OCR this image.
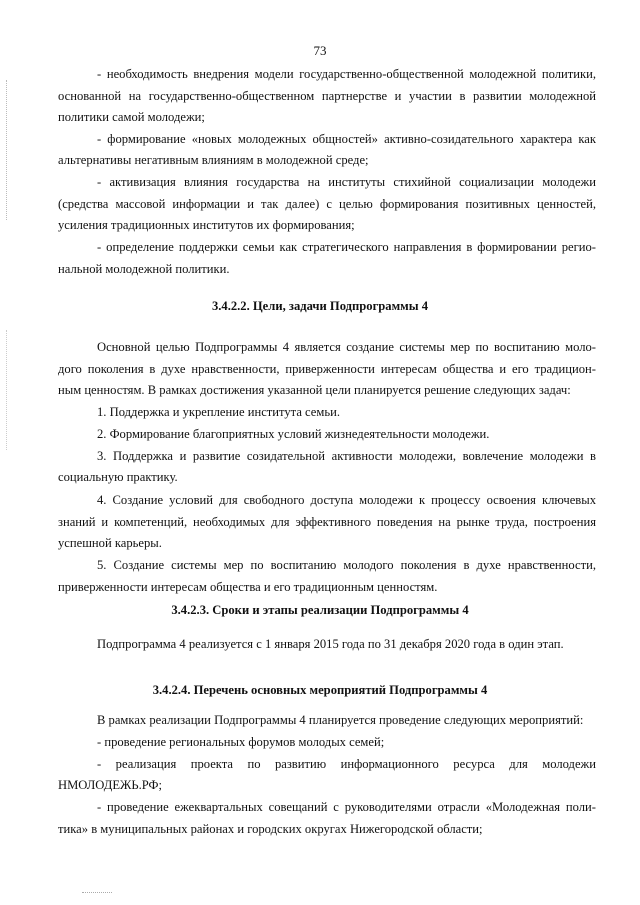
73
- необходимость внедрения модели государственно-общественной молодежной политики,
основанной на государственно-общественном партнерстве и участии в развитии молодежной
политики самой молодежи;
- формирование «новых молодежных общностей» активно-созидательного характера как
альтернативы негативным влияниям в молодежной среде;
- активизация влияния государства на институты стихийной социализации молодежи
(средства массовой информации и так далее) с целью формирования позитивных ценностей,
усиления традиционных институтов их формирования;
- определение поддержки семьи как стратегического направления в формировании регио-
нальной молодежной политики.
3.4.2.2. Цели, задачи Подпрограммы 4
Основной целью Подпрограммы 4 является создание системы мер по воспитанию моло-
дого поколения в духе нравственности, приверженности интересам общества и его традицион-
ным ценностям. В рамках достижения указанной цели планируется решение следующих задач:
1. Поддержка и укрепление института семьи.
2. Формирование благоприятных условий жизнедеятельности молодежи.
3. Поддержка и развитие созидательной активности молодежи, вовлечение молодежи в
социальную практику.
4. Создание условий для свободного доступа молодежи к процессу освоения ключевых
знаний и компетенций, необходимых для эффективного поведения на рынке труда, построения
успешной карьеры.
5. Создание системы мер по воспитанию молодого поколения в духе нравственности,
приверженности интересам общества и его традиционным ценностям.
3.4.2.3. Сроки и этапы реализации Подпрограммы 4
Подпрограмма 4 реализуется с 1 января 2015 года по 31 декабря 2020 года в один этап.
3.4.2.4. Перечень основных мероприятий Подпрограммы 4
В рамках реализации Подпрограммы 4 планируется проведение следующих мероприятий:
- проведение региональных форумов молодых семей;
- реализация проекта по развитию информационного ресурса для молодежи
НМОЛОДЕЖЬ.РФ;
- проведение ежеквартальных совещаний с руководителями отрасли «Молодежная поли-
тика» в муниципальных районах и городских округах Нижегородской области;
